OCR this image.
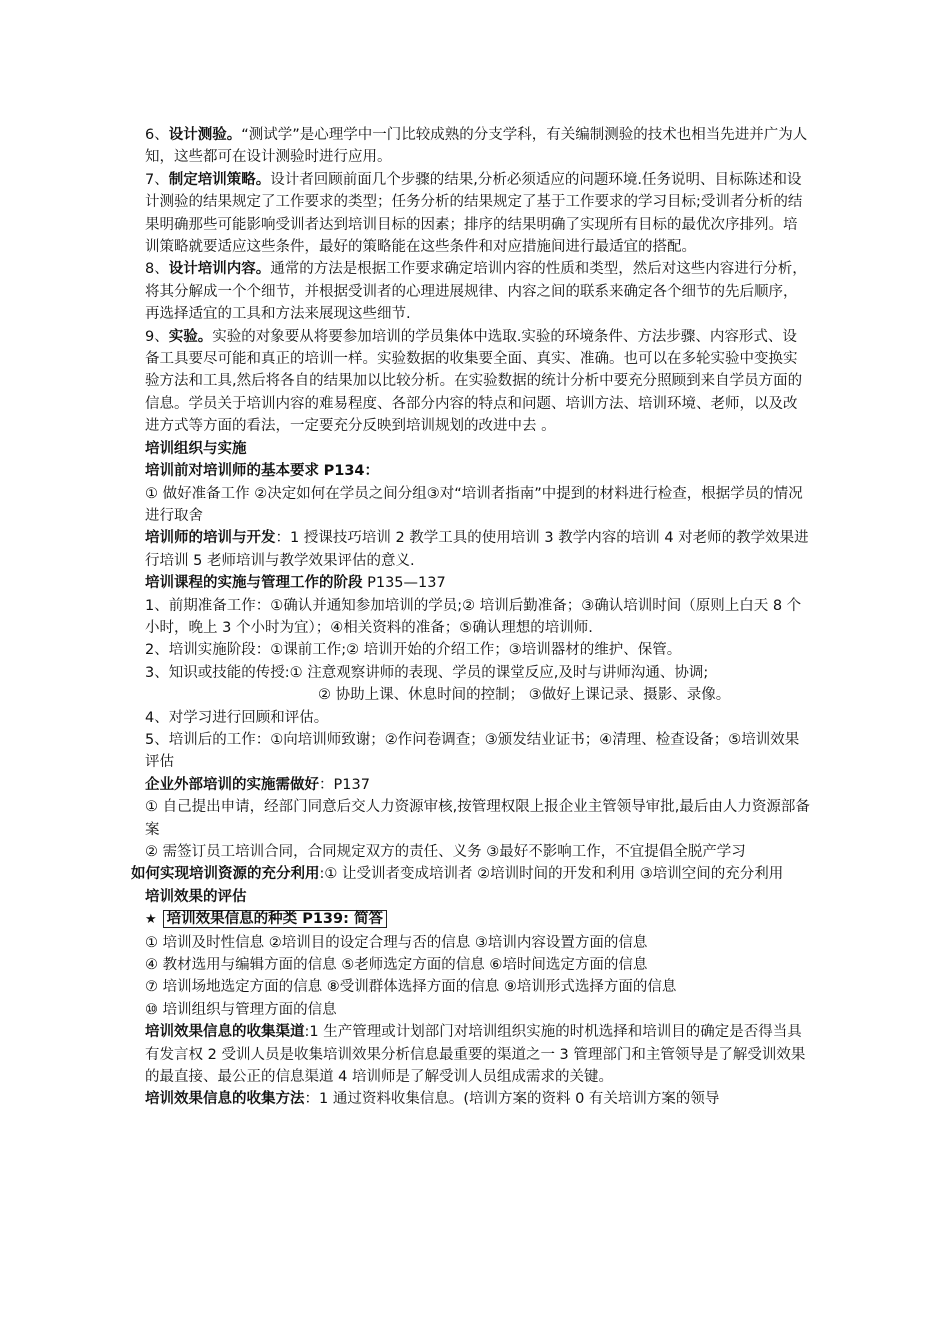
6、设计测验。“测试学”是心理学中一门比较成熟的分支学科，有关编制测验的技术也相当先进并广为人知，这些都可在设计测验时进行应用。

7、制定培训策略。设计者回顾前面几个步骤的结果,分析必须适应的问题环境.任务说明、目标陈述和设计测验的结果规定了工作要求的类型；任务分析的结果规定了基于工作要求的学习目标;受训者分析的结果明确那些可能影响受训者达到培训目标的因素；排序的结果明确了实现所有目标的最优次序排列。培训策略就要适应这些条件，最好的策略能在这些条件和对应措施间进行最适宜的搭配。

8、设计培训内容。通常的方法是根据工作要求确定培训内容的性质和类型，然后对这些内容进行分析，将其分解成一个个细节，并根据受训者的心理进展规律、内容之间的联系来确定各个细节的先后顺序，再选择适宜的工具和方法来展现这些细节.

9、实验。实验的对象要从将要参加培训的学员集体中选取.实验的环境条件、方法步骤、内容形式、设备工具要尽可能和真正的培训一样。实验数据的收集要全面、真实、准确。也可以在多轮实验中变换实验方法和工具,然后将各自的结果加以比较分析。在实验数据的统计分析中要充分照顾到来自学员方面的信息。学员关于培训内容的难易程度、各部分内容的特点和问题、培训方法、培训环境、老师，以及改进方式等方面的看法，一定要充分反映到培训规划的改进中去 。

培训组织与实施

培训前对培训师的基本要求 P134：

① 做好准备工作 ②决定如何在学员之间分组③对“培训者指南”中提到的材料进行检查，根据学员的情况进行取舍

培训师的培训与开发：1 授课技巧培训 2 教学工具的使用培训 3 教学内容的培训 4 对老师的教学效果进行培训 5 老师培训与教学效果评估的意义.

培训课程的实施与管理工作的阶段 P135—137

1、前期准备工作：①确认并通知参加培训的学员;② 培训后勤准备；③确认培训时间（原则上白天 8 个小时，晚上 3 个小时为宜）；④相关资料的准备；⑤确认理想的培训师.

2、培训实施阶段：①课前工作;② 培训开始的介绍工作；③培训器材的维护、保管。

3、知识或技能的传授:① 注意观察讲师的表现、学员的课堂反应,及时与讲师沟通、协调;

② 协助上课、休息时间的控制； ③做好上课记录、摄影、录像。

4、对学习进行回顾和评估。

5、培训后的工作：①向培训师致谢；②作问卷调查；③颁发结业证书；④清理、检查设备；⑤培训效果评估

企业外部培训的实施需做好：P137

① 自己提出申请，经部门同意后交人力资源审核,按管理权限上报企业主管领导审批,最后由人力资源部备案

② 需签订员工培训合同，合同规定双方的责任、义务 ③最好不影响工作，不宜提倡全脱产学习

如何实现培训资源的充分利用:① 让受训者变成培训者 ②培训时间的开发和利用 ③培训空间的充分利用

培训效果的评估

★ 培训效果信息的种类 P139: 简答

① 培训及时性信息 ②培训目的设定合理与否的信息 ③培训内容设置方面的信息

④ 教材选用与编辑方面的信息 ⑤老师选定方面的信息 ⑥培时间选定方面的信息

⑦ 培训场地选定方面的信息 ⑧受训群体选择方面的信息 ⑨培训形式选择方面的信息

⑩ 培训组织与管理方面的信息

培训效果信息的收集渠道:1 生产管理或计划部门对培训组织实施的时机选择和培训目的确定是否得当具有发言权 2 受训人员是收集培训效果分析信息最重要的渠道之一 3 管理部门和主管领导是了解受训效果的最直接、最公正的信息渠道 4 培训师是了解受训人员组成需求的关键。

培训效果信息的收集方法：1 通过资料收集信息。(培训方案的资料 0 有关培训方案的领导
